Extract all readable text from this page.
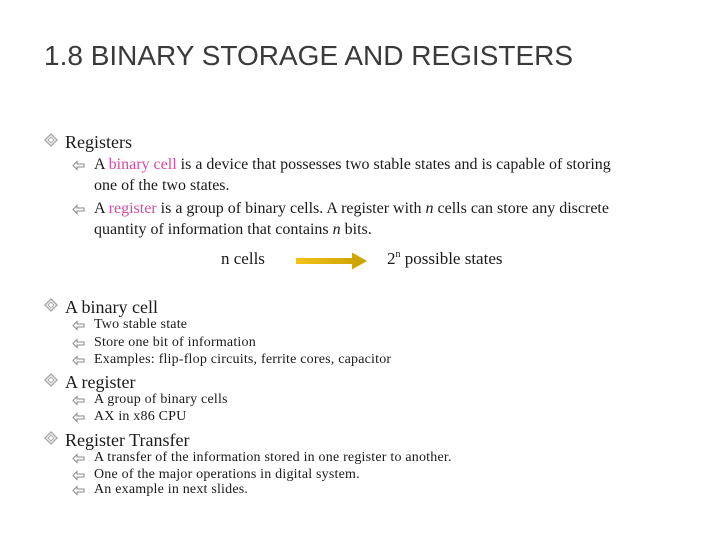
1.8 BINARY STORAGE AND REGISTERS
Registers
A binary cell is a device that possesses two stable states and is capable of storing one of the two states.
A register is a group of binary cells. A register with n cells can store any discrete quantity of information that contains n bits.
n cells	2$^n$ possible states
A binary cell
Two stable state
Store one bit of information
Examples: flip-flop circuits, ferrite cores, capacitor
A register
A group of binary cells
AX in x86 CPU
Register Transfer
A transfer of the information stored in one register to another.
One of the major operations in digital system.
An example in next slides.
